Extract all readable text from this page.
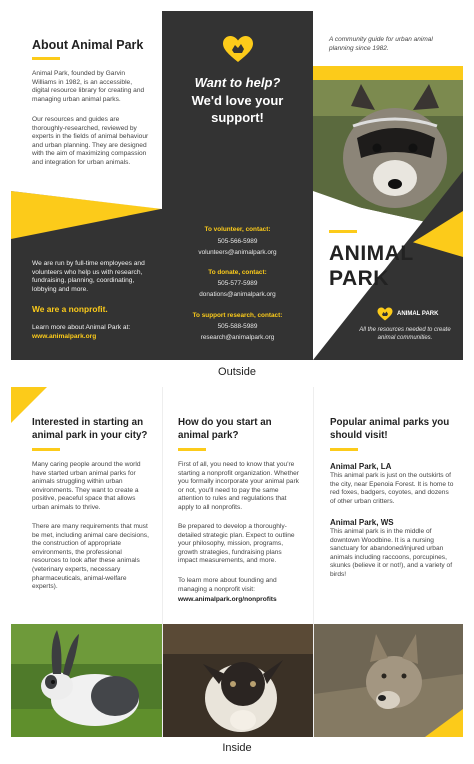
About Animal Park
Animal Park, founded by Garvin Williams in 1982, is an accessible, digital resource library for creating and managing urban animal parks.
Our resources and guides are thoroughly-researched, reviewed by experts in the fields of animal behaviour and urban planning. They are designed with the aim of maximizing compassion and integration for urban animals.
We are run by full-time employees and volunteers who help us with research, fundraising, planning, coordinating, lobbying and more.
We are a nonprofit.
Learn more about Animal Park at:
www.animalpark.org
Want to help?
We'd love your
support!
To volunteer, contact:
505-566-5989
volunteers@animalpark.org
To donate, contact:
505-577-5989
donations@animalpark.org
To support research, contact:
505-588-5989
research@animalpark.org
A community guide for urban animal planning since 1982.
ANIMAL
PARK
ANIMAL PARK
All the resources needed to create animal communities.
Outside
Interested in starting an animal park in your city?
Many caring people around the world have started urban animal parks for animals struggling within urban environments. They want to create a positive, peaceful space that allows urban animals to thrive.
There are many requirements that must be met, including animal care decisions, the construction of appropriate environments, the professional resources to look after these animals (veterinary experts, necessary pharmaceuticals, animal-welfare experts).
How do you start an animal park?
First of all, you need to know that you're starting a nonprofit organization. Whether you formally incorporate your animal park or not, you'll need to pay the same attention to rules and regulations that apply to all nonprofits.
Be prepared to develop a thoroughly-detailed strategic plan. Expect to outline your philosophy, mission, programs, growth strategies, fundraising plans impact measurements, and more.
To learn more about founding and managing a nonprofit visit:
www.animalpark.org/nonprofits
Popular animal parks you should visit!
Animal Park, LA
This animal park is just on the outskirts of the city, near Epenoia Forest. It is home to red foxes, badgers, coyotes, and dozens of other urban critters.
Animal Park, WS
This animal park is in the middle of downtown Woodbine. It is a nursing sanctuary for abandoned/injured urban animals including raccoons, porcupines, skunks (believe it or not!), and a variety of birds!
Inside
